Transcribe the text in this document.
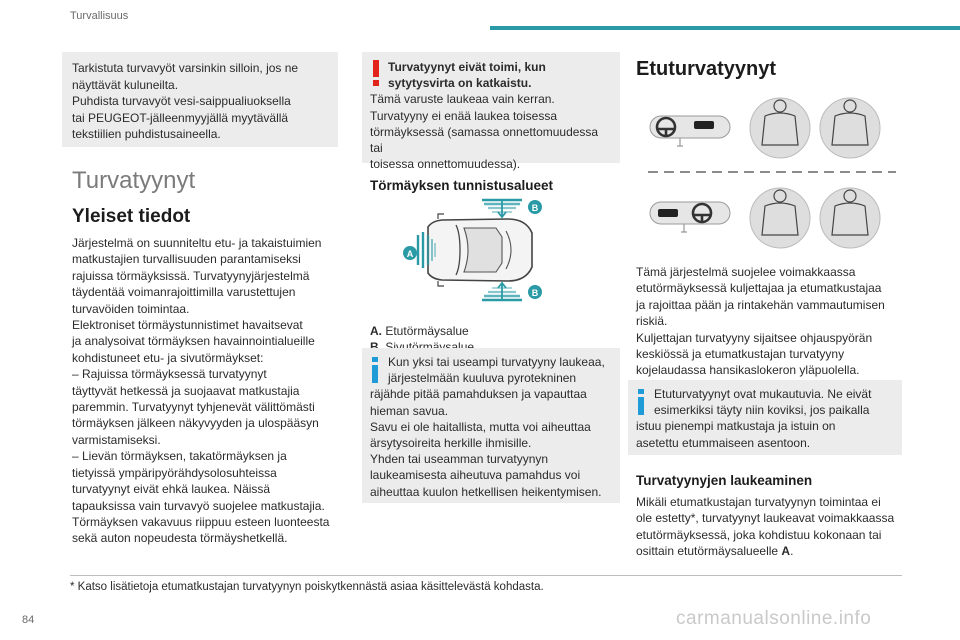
Turvallisuus
Tarkistuta turvavyöt varsinkin silloin, jos ne
näyttävät kuluneilta.
Puhdista turvavyöt vesi-saippualiuoksella
tai PEUGEOT-jälleenmyyjällä myytävällä
tekstiilien puhdistusaineella.
Turvatyynyt
Yleiset tiedot
Järjestelmä on suunniteltu etu- ja takaistuimien
matkustajien turvallisuuden parantamiseksi
rajuissa törmäyksissä. Turvatyynyjärjestelmä
täydentää voimanrajoittimilla varustettujen
turvavöiden toimintaa.
Elektroniset törmäystunnistimet havaitsevat
ja analysoivat törmäyksen havainnointialueille
kohdistuneet etu- ja sivutörmäykset:
– Rajuissa törmäyksessä turvatyynyt
täyttyvät hetkessä ja suojaavat matkustajia
paremmin. Turvatyynyt tyhjenevät välittömästi
törmäyksen jälkeen näkyvyyden ja ulospääsyn
varmistamiseksi.
– Lievän törmäyksen, takatörmäyksen ja
tietyissä ympäripyörähdysolosuhteissa
turvatyynyt eivät ehkä laukea. Näissä
tapauksissa vain turvavyö suojelee matkustajia.
Törmäyksen vakavuus riippuu esteen luonteesta
sekä auton nopeudesta törmäyshetkellä.
Turvatyynyt eivät toimi, kun
sytytysvirta on katkaistu.
Tämä varuste laukeaa vain kerran.
Turvatyyny ei enää laukea toisessa
törmäyksessä (samassa onnettomuudessa tai
toisessa onnettomuudessa).
Törmäyksen tunnistusalueet
A
B
B

A. Etutörmäysalue

Kun yksi tai useampi turvatyyny laukeaa,
järjestelmään kuuluva pyrotekninen
räjähde pitää pamahduksen ja vapauttaa
hieman savua.
Savu ei ole haitallista, mutta voi aiheuttaa
ärsytysoireita herkille ihmisille.
Yhden tai useamman turvatyynyn
laukeamisesta aiheutuva pamahdus voi
aiheuttaa kuulon hetkellisen heikentymisen.
Etuturvatyynyt
Tämä järjestelmä suojelee voimakkaassa
etutörmäyksessä kuljettajaa ja etumatkustajaa
ja rajoittaa pään ja rintakehän vammautumisen
riskiä.
Kuljettajan turvatyyny sijaitsee ohjauspyörän
keskiössä ja etumatkustajan turvatyyny
kojelaudassa hansikaslokeron yläpuolella.
Etuturvatyynyt ovat mukautuvia. Ne eivät
esimerkiksi täyty niin koviksi, jos paikalla
istuu pienempi matkustaja ja istuin on
asetettu etummaiseen asentoon.
Turvatyynyjen laukeaminen
Mikäli etumatkustajan turvatyynyn toimintaa ei
ole estetty*, turvatyynyt laukeavat voimakkaassa
etutörmäyksessä, joka kohdistuu kokonaan tai
osittain etutörmäysalueelle A.
* Katso lisätietoja etumatkustajan turvatyynyn poiskytkennästä asiaa käsittelevästä kohdasta.
84	carmanualsonline.info
